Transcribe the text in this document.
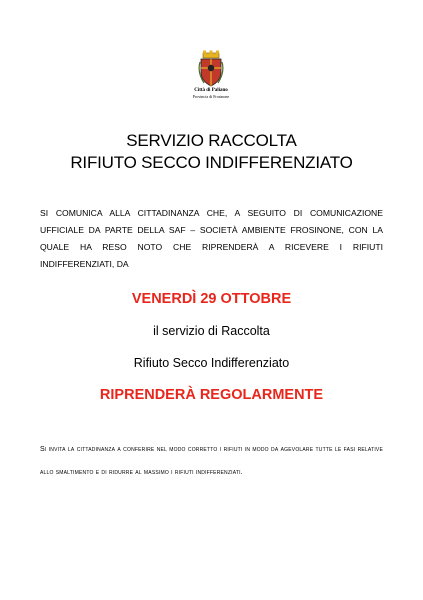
Città di Paliano
Provincia di Frosinone
SERVIZIO RACCOLTA
RIFIUTO SECCO INDIFFERENZIATO
SI COMUNICA ALLA CITTADINANZA CHE, A SEGUITO DI COMUNICAZIONE UFFICIALE DA PARTE DELLA SAF – SOCIETÀ AMBIENTE FROSINONE, CON LA QUALE HA RESO NOTO CHE RIPRENDERÀ A RICEVERE I RIFIUTI INDIFFERENZIATI, DA
VENERDÌ 29 OTTOBRE
il servizio di Raccolta
Rifiuto Secco Indifferenziato
RIPRENDERÀ REGOLARMENTE
Si invita la cittadinanza a conferire nel modo corretto i rifiuti in modo da agevolare tutte le fasi relative allo smaltimento e di ridurre al massimo i rifiuti indifferenziati.
